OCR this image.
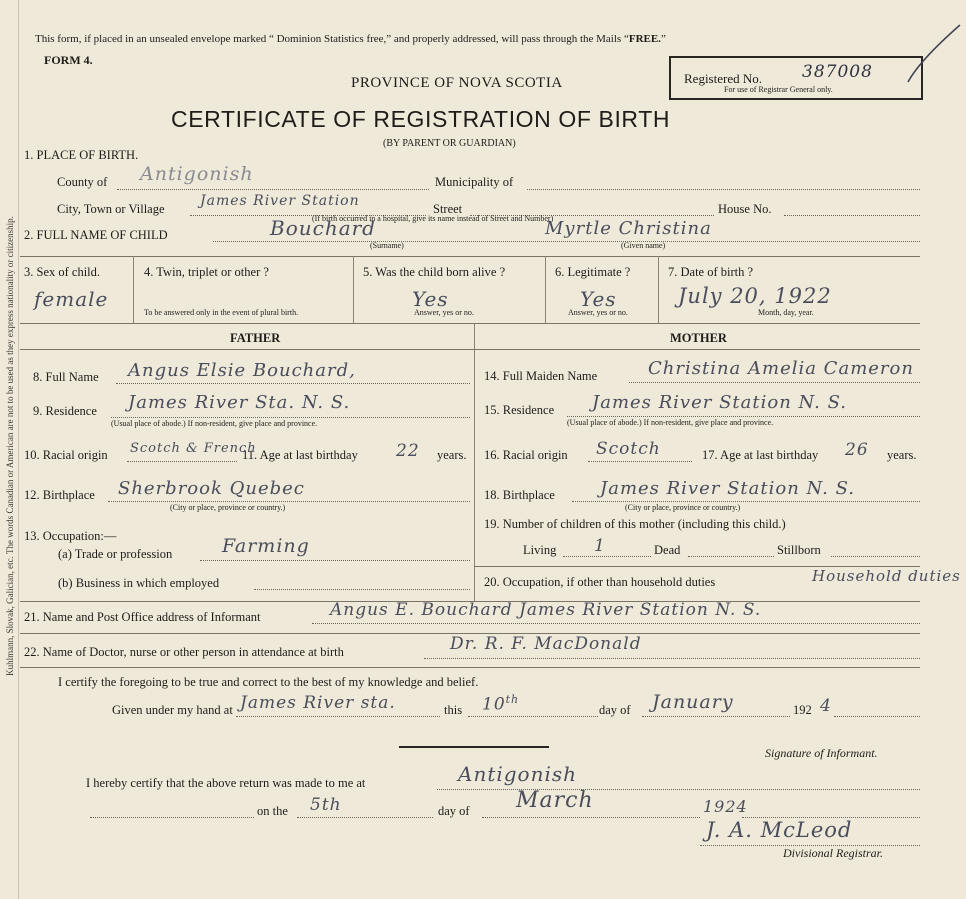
Kuhlmann, Slovak, Galician, etc. The words Canadian or American are not to be used as they express nationality or citizenship.
This form, if placed in an unsealed envelope marked “ Dominion Statistics free,” and properly addressed, will pass through the Mails “FREE.”
FORM 4.
PROVINCE OF NOVA SCOTIA
CERTIFICATE OF REGISTRATION OF BIRTH
(BY PARENT OR GUARDIAN)
Registered No. 387008
For use of Registrar General only.
1. PLACE OF BIRTH.
County of Antigonish	Municipality of
City, Town or Village	James River Station	Street	House No.
(If birth occurred in a hospital, give its name instead of Street and Number)
2. FULL NAME OF CHILD	Bouchard
(Surname)
Myrtle Christina
(Given name)
3. Sex of child.
female
4. Twin, triplet or other ?
To be answered only in the event of plural birth.
5. Was the child born alive ?
Yes
Answer, yes or no.
6. Legitimate ?
Yes
Answer, yes or no.
7. Date of birth ?
July 20, 1922
Month, day, year.
FATHER	MOTHER
8. Full Name Angus Elsie Bouchard,
9. Residence James River Sta. N. S.
(Usual place of abode.) If non-resident, give place and province.
10. Racial origin Scotch & French
11. Age at last birthday 22 years.
12. Birthplace Sherbrook Quebec
(City or place, province or country.)
13. Occupation:—
(a) Trade or profession	Farming
(b) Business in which employed
14. Full Maiden Name	Christina Amelia Cameron
15. Residence James River Station N. S.
(Usual place of abode.) If non-resident, give place and province.
16. Racial origin Scotch	17. Age at last birthday 26 years.
18. Birthplace	James River Station N. S.
(City or place, province or country.)
19. Number of children of this mother (including this child.)
Living 1	Dead	Stillborn
20. Occupation, if other than household duties	Household duties
21. Name and Post Office address of Informant	Angus E. Bouchard James River Station N. S.
22. Name of Doctor, nurse or other person in attendance at birth	Dr. R. F. MacDonald
I certify the foregoing to be true and correct to the best of my knowledge and belief.
Given under my hand at James River sta.	this 10th
day of January	192 4
Signature of Informant.
I hereby certify that the above return was made to me at	Antigonish
on the 5th	day of March	1924
J. A. McLeod
Divisional Registrar.
